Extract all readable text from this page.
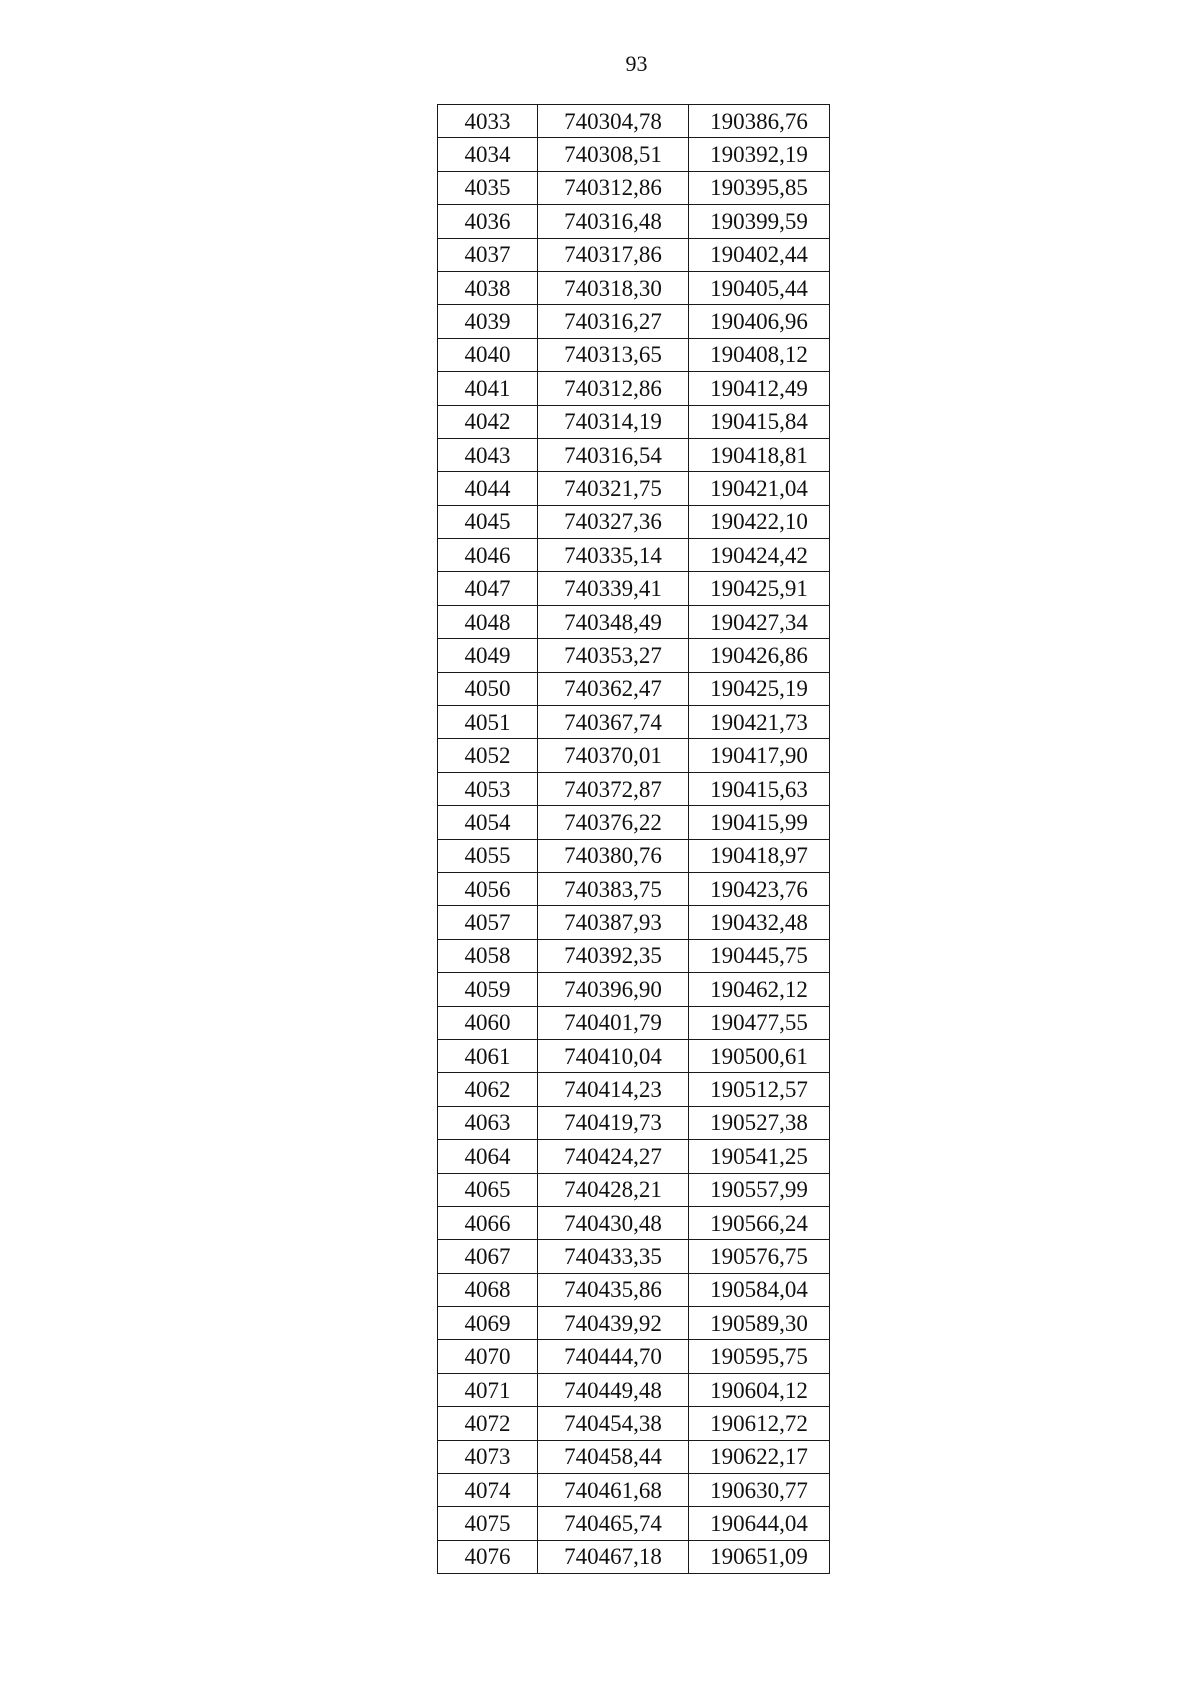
93
4033	740304,78	190386,76
4034	740308,51	190392,19
4035	740312,86	190395,85
4036	740316,48	190399,59
4037	740317,86	190402,44
4038	740318,30	190405,44
4039	740316,27	190406,96
4040	740313,65	190408,12
4041	740312,86	190412,49
4042	740314,19	190415,84
4043	740316,54	190418,81
4044	740321,75	190421,04
4045	740327,36	190422,10
4046	740335,14	190424,42
4047	740339,41	190425,91
4048	740348,49	190427,34
4049	740353,27	190426,86
4050	740362,47	190425,19
4051	740367,74	190421,73
4052	740370,01	190417,90
4053	740372,87	190415,63
4054	740376,22	190415,99
4055	740380,76	190418,97
4056	740383,75	190423,76
4057	740387,93	190432,48
4058	740392,35	190445,75
4059	740396,90	190462,12
4060	740401,79	190477,55
4061	740410,04	190500,61
4062	740414,23	190512,57
4063	740419,73	190527,38
4064	740424,27	190541,25
4065	740428,21	190557,99
4066	740430,48	190566,24
4067	740433,35	190576,75
4068	740435,86	190584,04
4069	740439,92	190589,30
4070	740444,70	190595,75
4071	740449,48	190604,12
4072	740454,38	190612,72
4073	740458,44	190622,17
4074	740461,68	190630,77
4075	740465,74	190644,04
4076	740467,18	190651,09
